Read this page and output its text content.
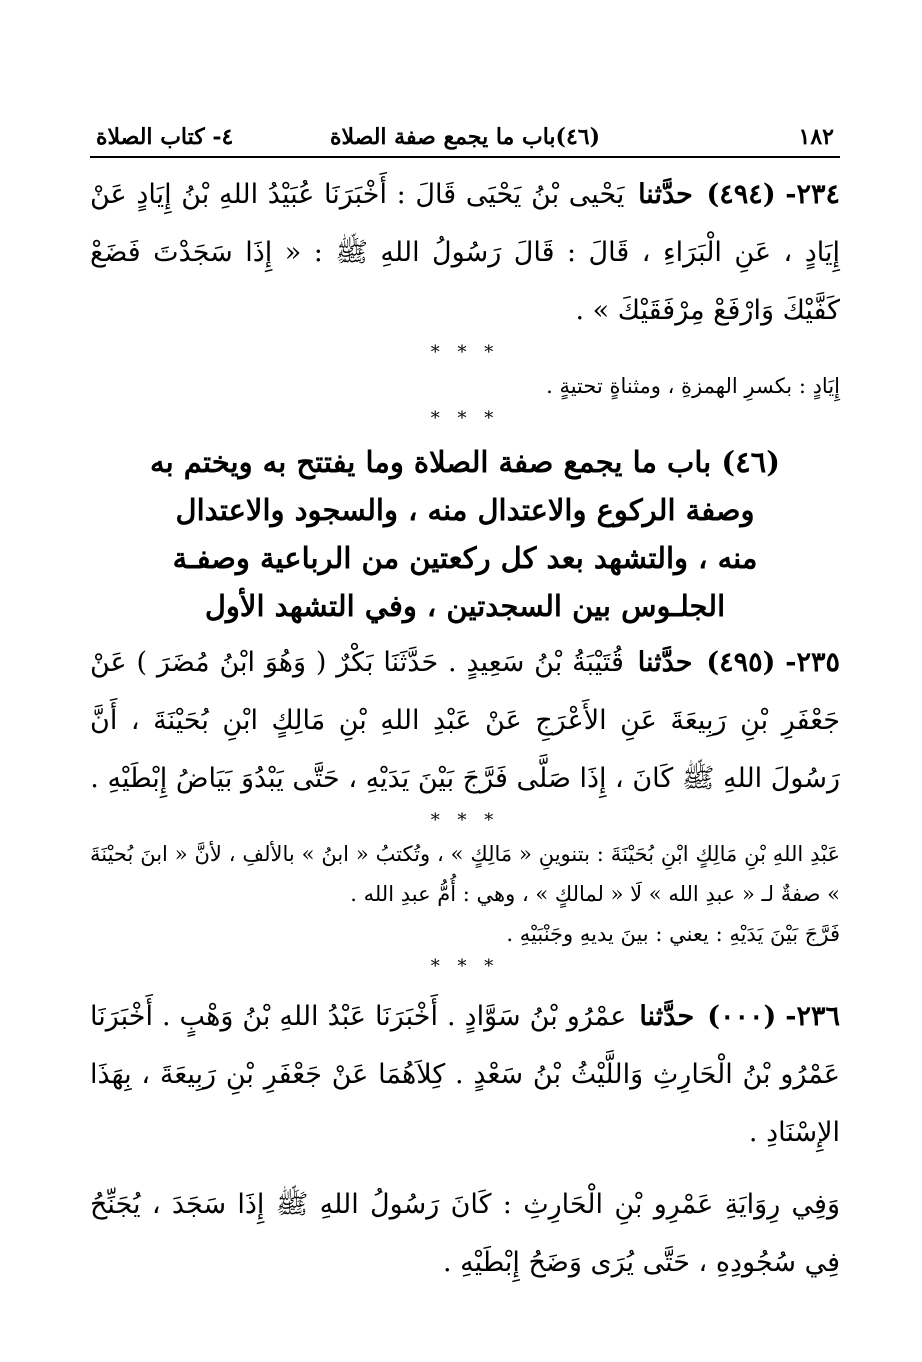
١٨٢
(٤٦)باب ما يجمع صفة الصلاة
٤- كتاب الصلاة

٢٣٤- (٤٩٤) حدَّثنا يَحْيى بْنُ يَحْيَى قَالَ : أَخْبَرَنَا عُبَيْدُ اللهِ بْنُ إِيَادٍ عَنْ إِيَادٍ ، عَنِ الْبَرَاءِ ، قَالَ : قَالَ رَسُولُ اللهِ ﷺ : « إِذَا سَجَدْتَ فَضَعْ كَفَّيْكَ وَارْفَعْ مِرْفَقَيْكَ » .

* * *

إِيَادٍ : بكسرِ الهمزةِ ، ومثناةٍ تحتيةٍ .

* * *

(٤٦) باب ما يجمع صفة الصلاة وما يفتتح به ويختم به
وصفة الركوع والاعتدال منه ، والسجود والاعتدال
منه ، والتشهد بعد كل ركعتين من الرباعية وصفـة
الجلـوس بين السجدتين ، وفي التشهد الأول

٢٣٥- (٤٩٥) حدَّثنا قُتَيْبَةُ بْنُ سَعِيدٍ . حَدَّثَنَا بَكْرٌ ( وَهُوَ ابْنُ مُضَرَ ) عَنْ جَعْفَرِ بْنِ رَبِيعَةَ عَنِ الأَعْرَجِ عَنْ عَبْدِ اللهِ بْنِ مَالِكٍ ابْنِ بُحَيْنَةَ ، أَنَّ رَسُولَ اللهِ ﷺ كَانَ ، إِذَا صَلَّى فَرَّجَ بَيْنَ يَدَيْهِ ، حَتَّى يَبْدُوَ بَيَاضُ إِبْطَيْهِ .

* * *

عَبْدِ اللهِ بْنِ مَالِكٍ ابْنِ بُحَيْنَةَ : بتنوينِ « مَالِكٍ » ، وتُكتبُ « ابنُ » بالألفِ ، لأنَّ « ابنَ بُحيْنَةَ » صفةٌ لـ « عبدِ الله » لَا « لمالكٍ » ، وهي : أُمُّ عبدِ الله .

فَرَّجَ بَيْنَ يَدَيْهِ : يعني : بينَ يديهِ وجَنْبَيْهِ .

* * *

٢٣٦- (٠٠٠) حدَّثنا عمْرُو بْنُ سَوَّادٍ . أَخْبَرَنَا عَبْدُ اللهِ بْنُ وَهْبٍ . أَخْبَرَنَا عَمْرُو بْنُ الْحَارِثِ وَاللَّيْثُ بْنُ سَعْدٍ . كِلاَهُمَا عَنْ جَعْفَرِ بْنِ رَبِيعَةَ ، بِهَذَا الإِسْنَادِ .

وَفِي رِوَايَةِ عَمْرِو بْنِ الْحَارِثِ : كَانَ رَسُولُ اللهِ ﷺ إِذَا سَجَدَ ، يُجَنِّحُ فِي سُجُودِهِ ، حَتَّى يُرَى وَضَحُ إِبْطَيْهِ .
